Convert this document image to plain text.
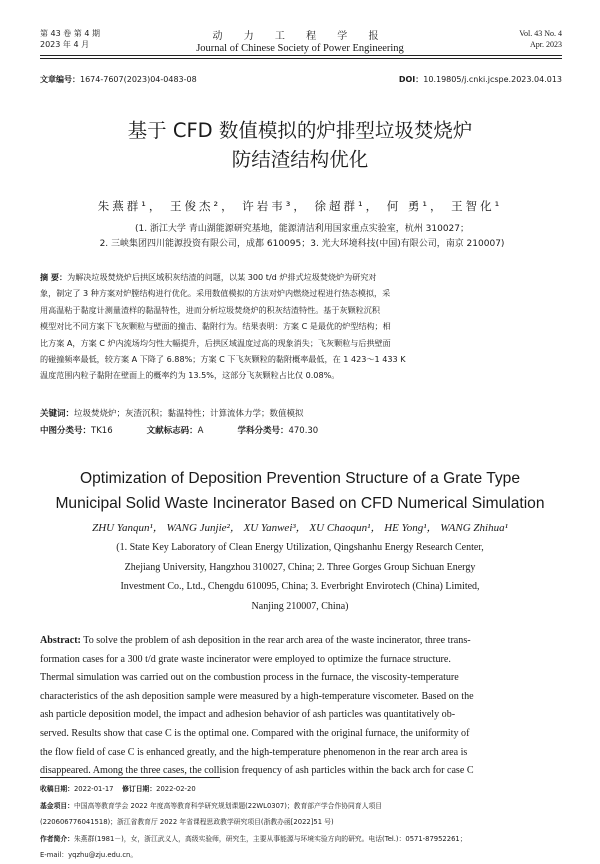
第 43 卷 第 4 期
2023 年 4 月
动 力 工 程 学 报
Journal of Chinese Society of Power Engineering
Vol. 43 No. 4
Apr. 2023
文章编号：1674-7607(2023)04-0483-08	DOI：10.19805/j.cnki.jcspe.2023.04.013
基于 CFD 数值模拟的炉排型垃圾焚烧炉
防结渣结构优化
朱燕群¹， 王俊杰²， 许岩韦³， 徐超群¹， 何 勇¹， 王智化¹
(1. 浙江大学 青山湖能源研究基地，能源清洁利用国家重点实验室，杭州 310027；
2. 三峡集团四川能源投资有限公司，成都 610095；3. 光大环境科技(中国)有限公司，南京 210007)
摘 要：为解决垃圾焚烧炉后拱区域积灰结渣的问题，以某 300 t/d 炉排式垃圾焚烧炉为研究对
象，制定了 3 种方案对炉膛结构进行优化。采用数值模拟的方法对炉内燃烧过程进行热态模拟，采
用高温粘于黏度计测量渣样的黏温特性，进而分析垃圾焚烧炉的积灰结渣特性。基于灰颗粒沉积
模型对比不同方案下飞灰颗粒与壁面的撞击、黏附行为。结果表明：方案 C 是最优的炉型结构；相
比方案 A，方案 C 炉内流场均匀性大幅提升，后拱区域温度过高的现象消失；飞灰颗粒与后拱壁面
的碰撞频率最低，较方案 A 下降了 6.88%；方案 C 下飞灰颗粒的黏附概率最低，在 1 423～1 433 K
温度范围内粒子黏附在壁面上的概率约为 13.5%，这部分飞灰颗粒占比仅 0.08%。
关键词：垃圾焚烧炉；灰渣沉积；黏温特性；计算流体力学；数值模拟
中图分类号：TK16	文献标志码：A	学科分类号：470.30
Optimization of Deposition Prevention Structure of a Grate Type
Municipal Solid Waste Incinerator Based on CFD Numerical Simulation
ZHU Yanqun¹， WANG Junjie²， XU Yanwei³， XU Chaoqun¹， HE Yong¹， WANG Zhihua¹
(1. State Key Laboratory of Clean Energy Utilization, Qingshanhu Energy Research Center,
Zhejiang University, Hangzhou 310027, China; 2. Three Gorges Group Sichuan Energy
Investment Co., Ltd., Chengdu 610095, China; 3. Everbright Envirotech (China) Limited,
Nanjing 210007, China)
Abstract: To solve the problem of ash deposition in the rear arch area of the waste incinerator, three trans-
formation cases for a 300 t/d grate waste incinerator were employed to optimize the furnace structure.
Thermal simulation was carried out on the combustion process in the furnace, the viscosity-temperature
characteristics of the ash deposition sample were measured by a high-temperature viscometer. Based on the
ash particle deposition model, the impact and adhesion behavior of ash particles was quantitatively ob-
served. Results show that case C is the optimal one. Compared with the original furnace, the uniformity of
the flow field of case C is enhanced greatly, and the high-temperature phenomenon in the rear arch area is
disappeared. Among the three cases, the collision frequency of ash particles within the back arch for case C
收稿日期：2022-01-17 修订日期：2022-02-20
基金项目：中国高等教育学会 2022 年度高等教育科学研究规划课题(22WL0307)；教育部产学合作协同育人项目
(220606776041518)；浙江省教育厅 2022 年省课程思政教学研究项目(浙教办函[2022]51 号)
作者简介：朱燕群(1981－)，女，浙江武义人，高级实验师，研究生，主要从事能源与环境实验方向的研究。电话(Tel.)：0571-87952261；
E-mail：yqzhu@zju.edu.cn。
